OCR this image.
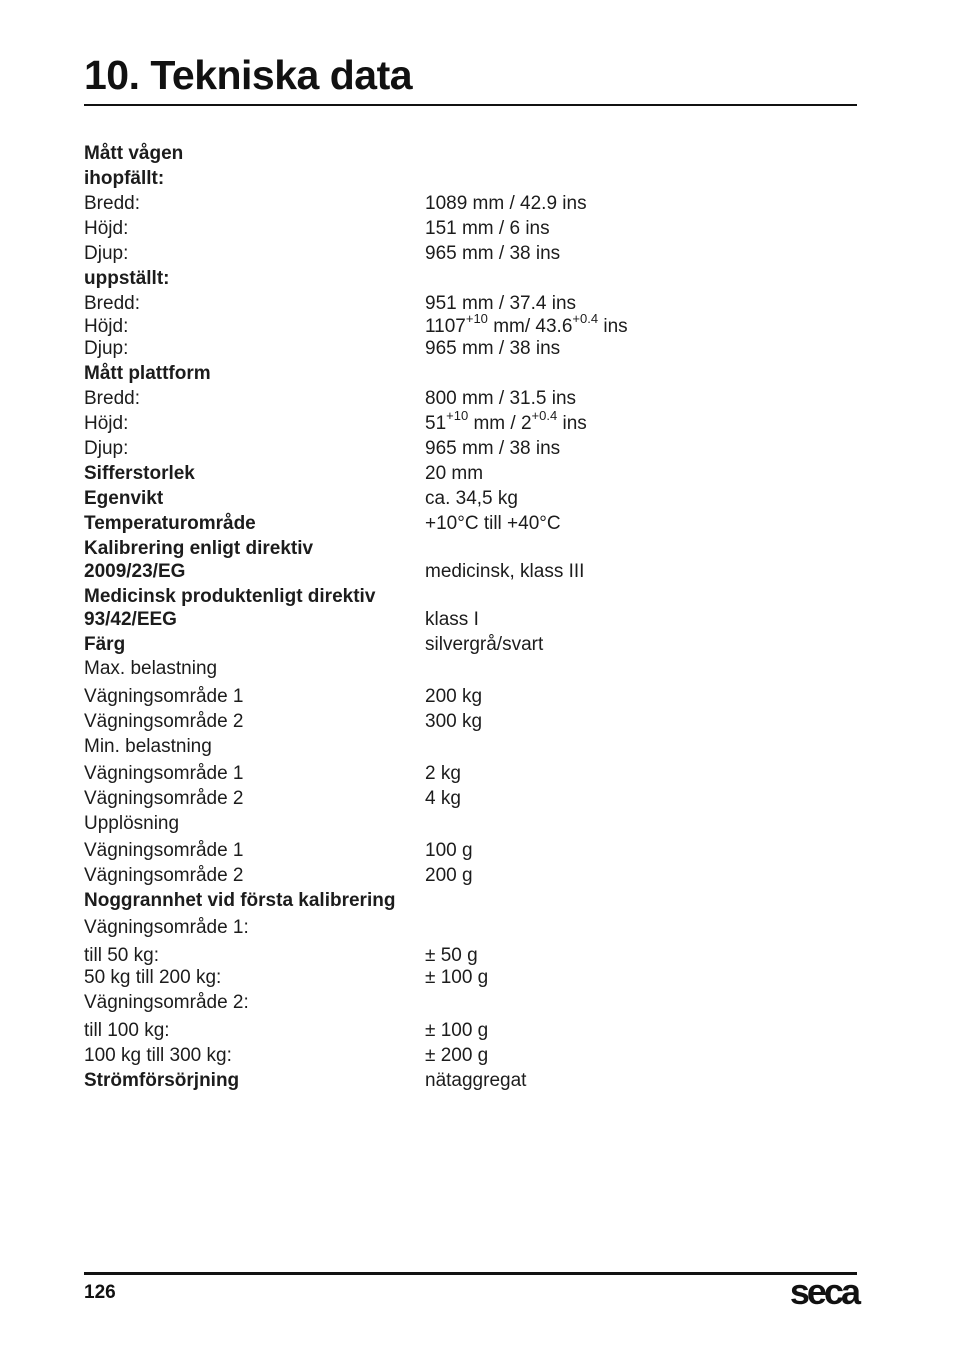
10. Tekniska data
Mått vågen
ihopfällt:
Bredd:	1089 mm / 42.9 ins
Höjd:	151 mm / 6 ins
Djup:	965 mm / 38 ins
uppställt:
Bredd:	951 mm / 37.4 ins
Höjd:	$1107^{+10}$ mm/ $43.6^{+0.4}$ ins
Djup:	965 mm / 38 ins
Mått plattform
Bredd:	800 mm / 31.5 ins
Höjd:	$51^{+10}$ mm / $2^{+0.4}$ ins
Djup:	965 mm / 38 ins
Sifferstorlek	20 mm
Egenvikt	ca. 34,5 kg
Temperaturområde	+10°C till +40°C
Kalibrering enligt direktiv
2009/23/EG	medicinsk, klass III
Medicinsk produktenligt direktiv
93/42/EEG	klass I
Färg	silvergrå/svart
Max. belastning
Vägningsområde 1	200 kg
Vägningsområde 2	300 kg
Min. belastning
Vägningsområde 1	2 kg
Vägningsområde 2	4 kg
Upplösning
Vägningsområde 1	100 g
Vägningsområde 2	200 g
Noggrannhet vid första kalibrering
Vägningsområde 1:
till 50 kg:	± 50 g
50 kg till 200 kg:	± 100 g
Vägningsområde 2:
till 100 kg:	± 100 g
100 kg till 300 kg:	± 200 g
Strömförsörjning	nätaggregat
126	seca
